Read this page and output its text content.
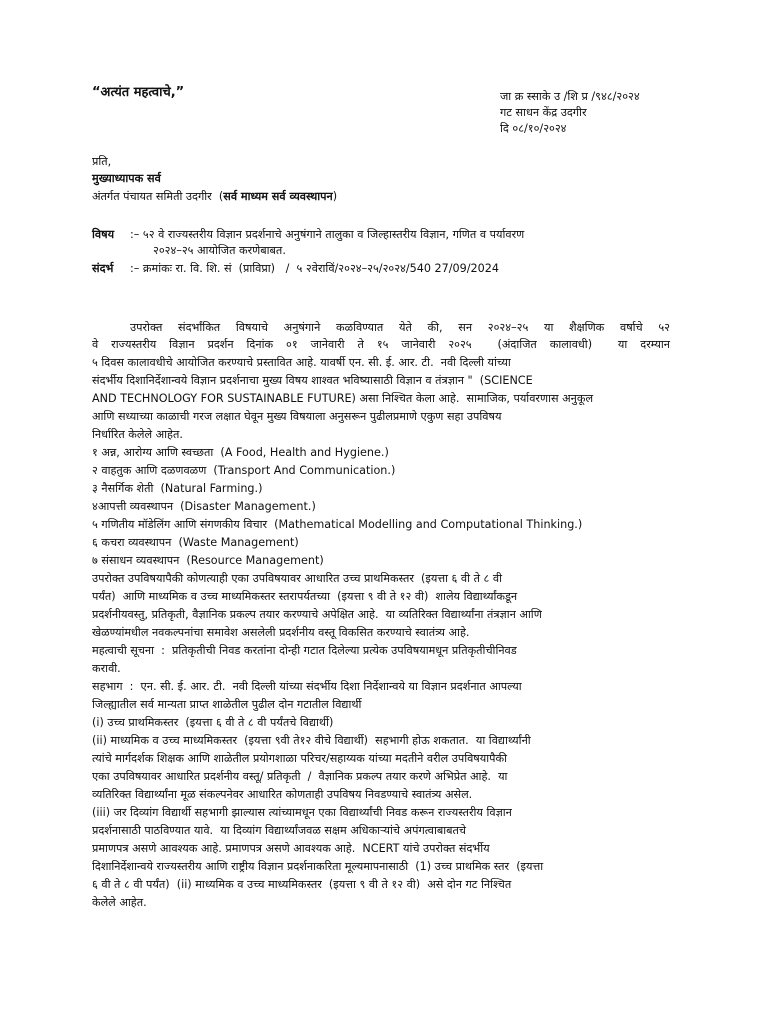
“अत्यंत महत्वाचे,”	जा क्र स्साके उ /शि प्र /९४८/२०२४
गट साधन केंद्र उदगीर
दि ०८/१०/२०२४
प्रति,
मुख्याध्यापक सर्व
अंतर्गत पंचायत समिती उदगीर  (सर्व माध्यम सर्व व्यवस्थापन)
विषय :– ५२ वे राज्यस्तरीय विज्ञान प्रदर्शनाचे अनुषंगाने तालुका व जिल्हास्तरीय विज्ञान, गणित व पर्यावरण
२०२४–२५ आयोजित करणेबाबत.
संदर्भ :– क्रमांकः रा. वि. शि. सं  (प्राविप्रा)   /  ५ २वेराविं/२०२४–२५/२०२४/540 27/09/2024
उपरोक्त संदर्भांकित विषयाचे अनुषंगाने कळविण्यात येते की, सन २०२४–२५ या शैक्षणिक वर्षाचे ५२
वे राज्यस्तरीय विज्ञान प्रदर्शन दिनांक ०१ जानेवारी ते १५ जानेवारी २०२५  (अंदाजित कालावधी)  या दरम्यान
५ दिवस कालावधीचे आयोजित करण्याचे प्रस्तावित आहे. यावर्षी एन. सी. ई. आर. टी.  नवी दिल्ली यांच्या
संदर्भीय दिशानिर्देशान्वये विज्ञान प्रदर्शनाचा मुख्य विषय शाश्वत भविष्यासाठी विज्ञान व तंत्रज्ञान "  (SCIENCE
AND TECHNOLOGY FOR SUSTAINABLE FUTURE) असा निश्चित केला आहे.  सामाजिक, पर्यावरणास अनुकूल
आणि सध्याच्या काळाची गरज लक्षात घेवून मुख्य विषयाला अनुसरून पुढीलप्रमाणे एकुण सहा उपविषय
निर्धारित केलेले आहेत.
१ अन्न, आरोग्य आणि स्वच्छता  (A Food, Health and Hygiene.)
२ वाहतुक आणि दळणवळण  (Transport And Communication.)
३ नैसर्गिक शेती  (Natural Farming.)
४आपत्ती व्यवस्थापन  (Disaster Management.)
५ गणितीय मॉडेलिंग आणि संगणकीय विचार  (Mathematical Modelling and Computational Thinking.)
६ कचरा व्यवस्थापन  (Waste Management)
७ संसाधन व्यवस्थापन  (Resource Management)
उपरोक्त उपविषयापैकी कोणत्याही एका उपविषयावर आधारित उच्च प्राथमिकस्तर  (इयत्ता ६ वी ते ८ वी
पर्यंत)  आणि माध्यमिक व उच्च माध्यमिकस्तर स्तरापर्यतच्या  (इयत्ता ९ वी ते १२ वी)  शालेय विद्यार्थ्यांकडून
प्रदर्शनीयवस्तु, प्रतिकृती, वैज्ञानिक प्रकल्प तयार करण्याचे अपेक्षित आहे.  या व्यतिरिक्त विद्यार्थ्यांना तंत्रज्ञान आणि
खेळण्यांमधील नवकल्पनांचा समावेश असलेली प्रदर्शनीय वस्तू विकसित करण्याचे स्वातंत्र्य आहे.
महत्वाची सूचना  :  प्रतिकृतीची निवड करतांना दोन्ही गटात दिलेल्या प्रत्येक उपविषयामधून प्रतिकृतीचीनिवड
करावी.
सहभाग  :  एन. सी. ई. आर. टी.  नवी दिल्ली यांच्या संदर्भीय दिशा निर्देशान्वये या विज्ञान प्रदर्शनात आपल्या
जिल्ह्यातील सर्व मान्यता प्राप्त शाळेतील पुढील दोन गटातील विद्यार्थी
(i) उच्च प्राथमिकस्तर  (इयत्ता ६ वी ते ८ वी पर्यंतचे विद्यार्थी)
(ii) माध्यमिक व उच्च माध्यमिकस्तर  (इयत्ता ९वी ते१२ वीचे विद्यार्थी)  सहभागी होऊ शकतात.  या विद्यार्थ्यांनी
त्यांचे मार्गदर्शक शिक्षक आणि शाळेतील प्रयोगशाळा परिचर/सहाय्यक यांच्या मदतीने वरील उपविषयापैकी
एका उपविषयावर आधारित प्रदर्शनीय वस्तू/ प्रतिकृती  /  वैज्ञानिक प्रकल्प तयार करणे अभिप्रेत आहे.  या
व्यतिरिक्त विद्यार्थ्यांना मूळ संकल्पनेवर आधारित कोणताही उपविषय निवडण्याचे स्वातंत्र्य असेल.
(iii) जर दिव्यांग विद्यार्थी सहभागी झाल्यास त्यांच्यामधून एका विद्यार्थ्यांची निवड करून राज्यस्तरीय विज्ञान
प्रदर्शनासाठी पाठविण्यात यावे.  या दिव्यांग विद्यार्थ्यांजवळ सक्षम अधिकाऱ्यांचे अपंगत्वाबाबतचे
प्रमाणपत्र असणे आवश्यक आहे. प्रमाणपत्र असणे आवश्यक आहे.  NCERT यांचे उपरोक्त संदर्भीय
दिशानिर्देशान्वये राज्यस्तरीय आणि राष्ट्रीय विज्ञान प्रदर्शनाकरिता मूल्यमापनासाठी  (1) उच्च प्राथमिक स्तर  (इयत्ता
६ वी ते ८ वी पर्यंत)  (ii) माध्यमिक व उच्च माध्यमिकस्तर  (इयत्ता ९ वी ते १२ वी)  असे दोन गट निश्चित
केलेले आहेत.
